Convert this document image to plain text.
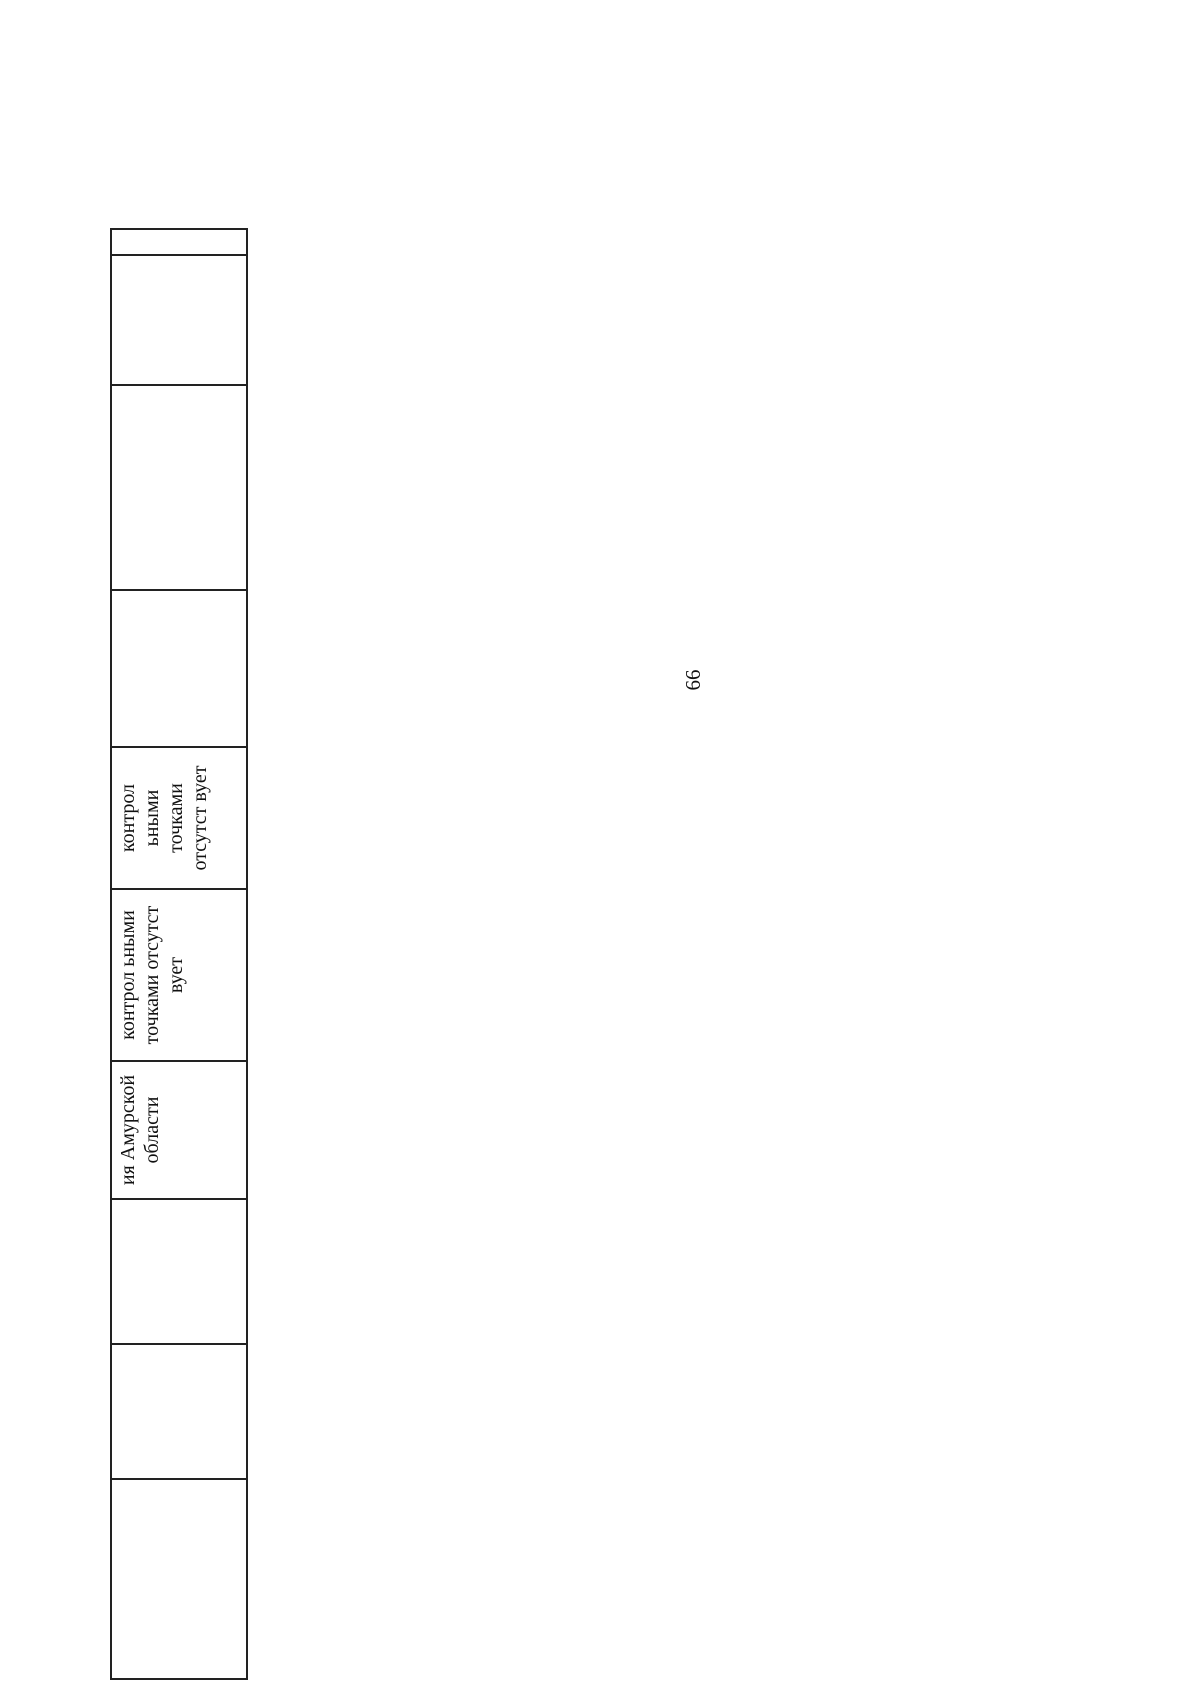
			ия Амурской области	контрол ьными точками отсутст вует	контрол ьными точками отсутст вует				
66
